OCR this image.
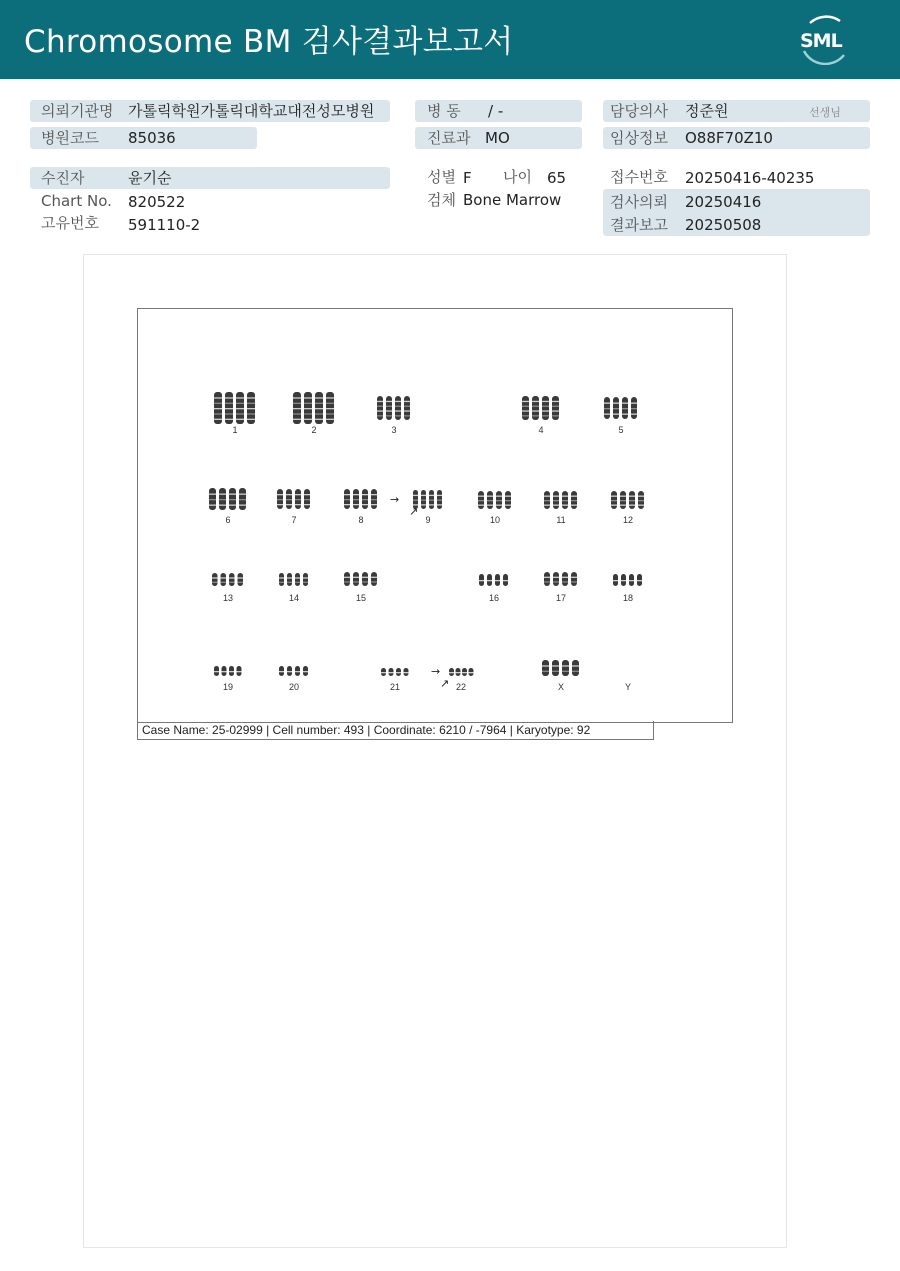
Chromosome BM 검사결과보고서	SML
의뢰기관명 가톨릭학원가톨릭대학교대전성모병원
병원코드 85036
병 동 / -
진료과 MO
담당의사 정준원	선생님
임상정보 O88F70Z10
수진자	윤기순
Chart No. 820522
고유번호 591110-2
성별 F 나이 65
검체 Bone Marrow
접수번호 20250416-40235
검사의뢰 20250416
결과보고 20250508
1	2	3	4	5
6	7	8	9	10	11	12
13	14	15	16	17	18
19	20	21	22	X	Y
→
↗
→
↗
Case Name: 25-02999 | Cell number: 493 | Coordinate: 6210 / -7964 | Karyotype: 92
